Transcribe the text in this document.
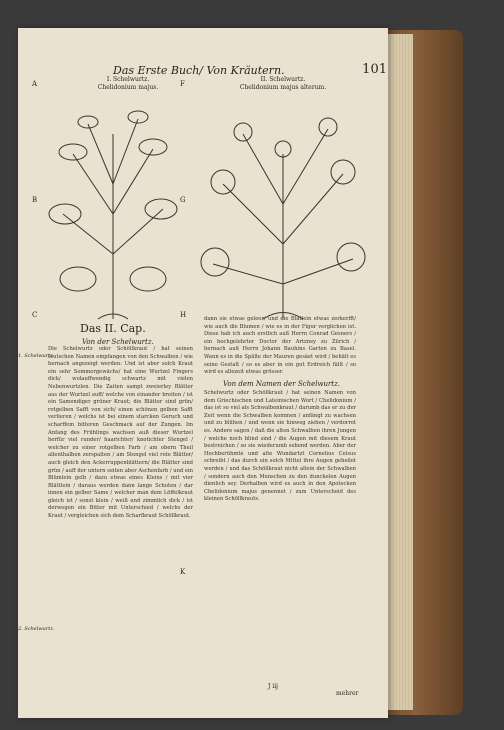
Das Erste Buch/ Von Kräutern.	101
A	F
B	G
C	H
K
I. Schelwurtz.
Chelidonium majus.
II. Schelwurtz.
Chelidonium majus alterum.
Das II. Cap.
Von der Schelwurtz.
1. Schelwurtz.
2. Schelwurtz.
Die Schelwurtz oder Schöllkraut / hat seinen teutschen Namen empfangen von den Schwalben / wie hernach angezeigt werden: Und ist aber solch Kraut ein sehr Sommergewächs/ hat eine Wurtzel Fingers dick/ wolauffwendig schwartz mit vielen Nebenwurtzlen. Die Zaiten sampt zweierley Blätter aus der Wurtzel auff/ welche von einander breiten / ist ein Samendiger grüner Kraut; die Blätter sind grün/ rotgelben Safft von sich/ einen schönen gelben Safft verlieren / welchs ist bei einem starcken Geruch und scharffem bitteren Geschmack auf der Zungen. Im Anfang des Frühlings wachsen auß dieser Wurtzel herfür viel runder/ haarichter/ knotichter Stengel / welcher zu einer rotgelben Farb / am obern Theil allenthalben zerspalten / am Stengel viel rote Blätter/ auch gleich den Ackerruppenblättern/ die Blätter sind grün / auff der untern seiten aber Aschenfarb / und ein Blümlein gelb / dazu etwas eines Kleins / mit vier Blättlein / daraus werden dann lange Schoten / dar innen ein gelber Same / welcher man dem Löffelkraut gleich ist / sonst klein / weiß und zimmlich dick / ist derwegen ein Bitter mit Unterschied / welchs der Kraut / vergleichen sich dem Scharfkraut Schöllkraut.
dann sie etwas geleer/ und die Blätlein etwas zerkerfft/ wie auch die Blumen / wie es in der Figur verglichen ist. Diese hab ich auch erstlich auß Herrn Conrad Gesners / ein hochgelehrter Doctor der Artzney zu Zürich / hernach auß Herrn Johann Bauhins Garten zu Basel. Wann es in die Spälte der Mauren gesäet wird / behält es seine Gestalt / so es aber in ein gut Erdreich fällt / so wird es allezeit etwas grösser.
Von dem Namen der Schelwurtz.
Schelwurtz oder Schöllkraut / hat seinen Namen von dem Griechischen und Lateinischen Wort / Chelidonium / das ist so viel als Schwalbenkraut / darumb das er zu der Zeit wenn die Schwalben kommen / anfängt zu wachsen und zu blühen / und wenn sie hinweg ziehen / verdorret es. Andere sagen / daß die alten Schwalben ihren Jungen / welche noch blind sind / die Augen mit diesem Kraut bestreichen / so sie wiederumb sehend werden. Aber der Hochberühmte und alte Wundartzt Cornelius Celsus schreibt / das durch ein solch Mittel ihre Augen geheilet werden / und das Schöllkraut nicht allein der Schwalben / sondern auch den Menschen zu den dunckelen Augen dienlich sey. Derhalben wird es auch in den Apotecken Chelidonium majus genennet / zum Unterscheid des kleinen Schöllkrauts.
J iij
mehrer
